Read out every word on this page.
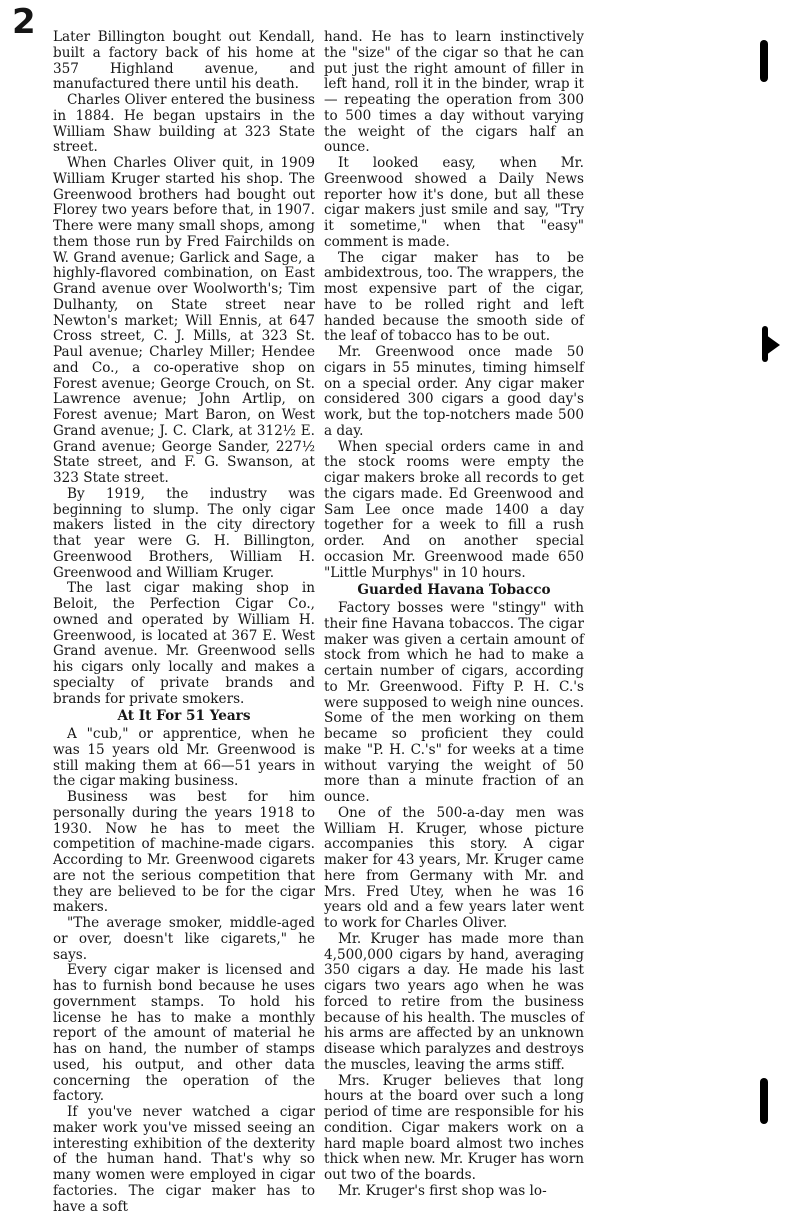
2 Later Billington bought out Kendall, built a factory back of his home at 357 Highland avenue, and manufactured there until his death.

Charles Oliver entered the business in 1884. He began upstairs in the William Shaw building at 323 State street.

When Charles Oliver quit, in 1909 William Kruger started his shop. The Greenwood brothers had bought out Florey two years before that, in 1907. There were many small shops, among them those run by Fred Fairchilds on W. Grand avenue; Garlick and Sage, a highly-flavored combination, on East Grand avenue over Woolworth's; Tim Dulhanty, on State street near Newton's market; Will Ennis, at 647 Cross street, C. J. Mills, at 323 St. Paul avenue; Charley Miller; Hendee and Co., a co-operative shop on Forest avenue; George Crouch, on St. Lawrence avenue; John Artlip, on Forest avenue; Mart Baron, on West Grand avenue; J. C. Clark, at 312½ E. Grand avenue; George Sander, 227½ State street, and F. G. Swanson, at 323 State street.

By 1919, the industry was beginning to slump. The only cigar makers listed in the city directory that year were G. H. Billington, Greenwood Brothers, William H. Greenwood and William Kruger.

The last cigar making shop in Beloit, the Perfection Cigar Co., owned and operated by William H. Greenwood, is located at 367 E. West Grand avenue. Mr. Greenwood sells his cigars only locally and makes a specialty of private brands and brands for private smokers.

At It For 51 Years

A "cub," or apprentice, when he was 15 years old Mr. Greenwood is still making them at 66—51 years in the cigar making business.

Business was best for him personally during the years 1918 to 1930. Now he has to meet the competition of machine-made cigars. According to Mr. Greenwood cigarets are not the serious competition that they are believed to be for the cigar makers.

"The average smoker, middle-aged or over, doesn't like cigarets," he says.

Every cigar maker is licensed and has to furnish bond because he uses government stamps. To hold his license he has to make a monthly report of the amount of material he has on hand, the number of stamps used, his output, and other data concerning the operation of the factory.

If you've never watched a cigar maker work you've missed seeing an interesting exhibition of the dexterity of the human hand. That's why so many women were employed in cigar factories. The cigar maker has to have a soft

hand. He has to learn instinctively the "size" of the cigar so that he can put just the right amount of filler in left hand, roll it in the binder, wrap it — repeating the operation from 300 to 500 times a day without varying the weight of the cigars half an ounce.

It looked easy, when Mr. Greenwood showed a Daily News reporter how it's done, but all these cigar makers just smile and say, "Try it sometime," when that "easy" comment is made.

The cigar maker has to be ambidextrous, too. The wrappers, the most expensive part of the cigar, have to be rolled right and left handed because the smooth side of the leaf of tobacco has to be out.

Mr. Greenwood once made 50 cigars in 55 minutes, timing himself on a special order. Any cigar maker considered 300 cigars a good day's work, but the top-notchers made 500 a day.

When special orders came in and the stock rooms were empty the cigar makers broke all records to get the cigars made. Ed Greenwood and Sam Lee once made 1400 a day together for a week to fill a rush order. And on another special occasion Mr. Greenwood made 650 "Little Murphys" in 10 hours.

Guarded Havana Tobacco

Factory bosses were "stingy" with their fine Havana tobaccos. The cigar maker was given a certain amount of stock from which he had to make a certain number of cigars, according to Mr. Greenwood. Fifty P. H. C.'s were supposed to weigh nine ounces. Some of the men working on them became so proficient they could make "P. H. C.'s" for weeks at a time without varying the weight of 50 more than a minute fraction of an ounce.

One of the 500-a-day men was William H. Kruger, whose picture accompanies this story. A cigar maker for 43 years, Mr. Kruger came here from Germany with Mr. and Mrs. Fred Utey, when he was 16 years old and a few years later went to work for Charles Oliver.

Mr. Kruger has made more than 4,500,000 cigars by hand, averaging 350 cigars a day. He made his last cigars two years ago when he was forced to retire from the business because of his health. The muscles of his arms are affected by an unknown disease which paralyzes and destroys the muscles, leaving the arms stiff.

Mrs. Kruger believes that long hours at the board over such a long period of time are responsible for his condition. Cigar makers work on a hard maple board almost two inches thick when new. Mr. Kruger has worn out two of the boards.

Mr. Kruger's first shop was lo-
